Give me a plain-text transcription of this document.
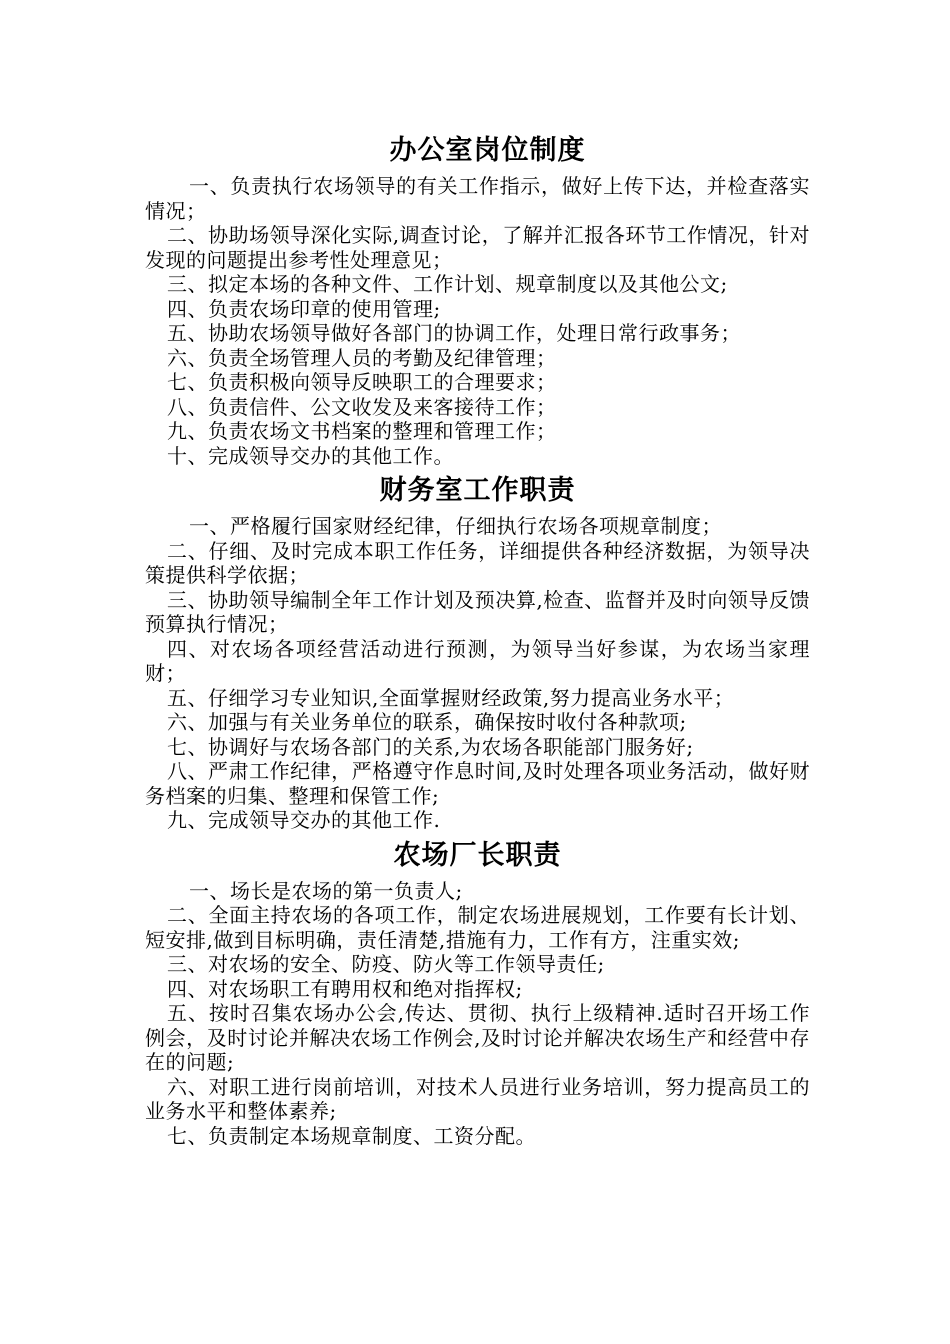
办公室岗位制度

一、负责执行农场领导的有关工作指示，做好上传下达，并检查落实情况；

二、协助场领导深化实际,调查讨论，了解并汇报各环节工作情况，针对发现的问题提出参考性处理意见；

三、拟定本场的各种文件、工作计划、规章制度以及其他公文;

四、负责农场印章的使用管理;

五、协助农场领导做好各部门的协调工作，处理日常行政事务；

六、负责全场管理人员的考勤及纪律管理；

七、负责积极向领导反映职工的合理要求；

八、负责信件、公文收发及来客接待工作；

九、负责农场文书档案的整理和管理工作；

十、完成领导交办的其他工作。

财务室工作职责

一、严格履行国家财经纪律，仔细执行农场各项规章制度；

二、仔细、及时完成本职工作任务，详细提供各种经济数据，为领导决策提供科学依据；

三、协助领导编制全年工作计划及预决算,检查、监督并及时向领导反馈预算执行情况；

四、对农场各项经营活动进行预测，为领导当好参谋，为农场当家理财；

五、仔细学习专业知识,全面掌握财经政策,努力提高业务水平；

六、加强与有关业务单位的联系，确保按时收付各种款项;

七、协调好与农场各部门的关系,为农场各职能部门服务好;

八、严肃工作纪律，严格遵守作息时间,及时处理各项业务活动，做好财务档案的归集、整理和保管工作;

九、完成领导交办的其他工作.

农场厂长职责

一、场长是农场的第一负责人;

二、全面主持农场的各项工作，制定农场进展规划，工作要有长计划、短安排,做到目标明确，责任清楚,措施有力，工作有方，注重实效;

三、对农场的安全、防疫、防火等工作领导责任;

四、对农场职工有聘用权和绝对指挥权;

五、按时召集农场办公会,传达、贯彻、执行上级精神.适时召开场工作例会，及时讨论并解决农场工作例会,及时讨论并解决农场生产和经营中存在的问题;

六、对职工进行岗前培训，对技术人员进行业务培训，努力提高员工的业务水平和整体素养;

七、负责制定本场规章制度、工资分配。
